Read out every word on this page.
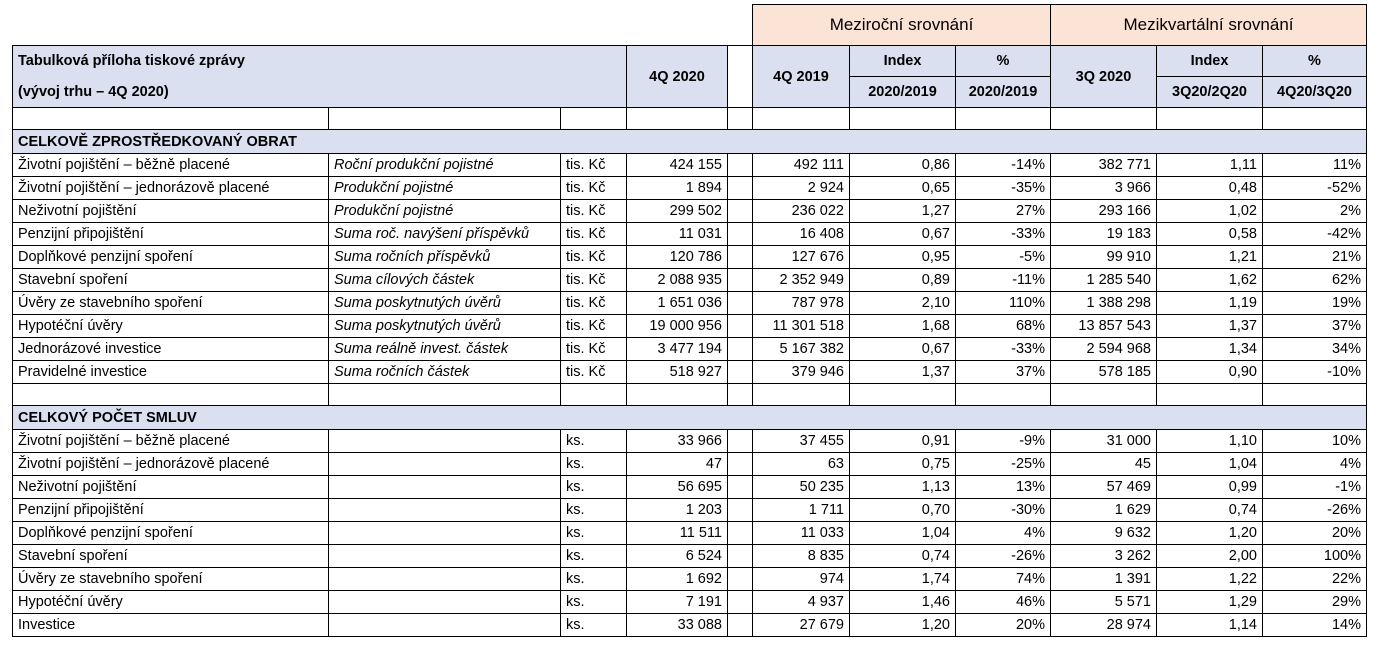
					Meziroční srovnání			Mezikvartální srovnání		
Tabulková příloha tiskové zprávy			4Q 2020		4Q 2019	Index	%	3Q 2020	Index	%
(vývoj trhu – 4Q 2020)						2020/2019	2020/2019		3Q20/2Q20	4Q20/3Q20

CELKOVĚ ZPROSTŘEDKOVANÝ OBRAT										
Životní pojištění – běžně placené	Roční produkční pojistné	tis. Kč	424 155		492 111	0,86	-14%	382 771	1,11	11%
Životní pojištění – jednorázově placené	Produkční pojistné	tis. Kč	1 894		2 924	0,65	-35%	3 966	0,48	-52%
Neživotní pojištění	Produkční pojistné	tis. Kč	299 502		236 022	1,27	27%	293 166	1,02	2%
Penzijní připojištění	Suma roč. navýšení příspěvků	tis. Kč	11 031		16 408	0,67	-33%	19 183	0,58	-42%
Doplňkové penzijní spoření	Suma ročních příspěvků	tis. Kč	120 786		127 676	0,95	-5%	99 910	1,21	21%
Stavební spoření	Suma cílových částek	tis. Kč	2 088 935		2 352 949	0,89	-11%	1 285 540	1,62	62%
Úvěry ze stavebního spoření	Suma poskytnutých úvěrů	tis. Kč	1 651 036		787 978	2,10	110%	1 388 298	1,19	19%
Hypotéční úvěry	Suma poskytnutých úvěrů	tis. Kč	19 000 956		11 301 518	1,68	68%	13 857 543	1,37	37%
Jednorázové investice	Suma reálně invest. částek	tis. Kč	3 477 194		5 167 382	0,67	-33%	2 594 968	1,34	34%
Pravidelné investice	Suma ročních částek	tis. Kč	518 927		379 946	1,37	37%	578 185	0,90	-10%

CELKOVÝ POČET SMLUV										
Životní pojištění – běžně placené		ks.	33 966		37 455	0,91	-9%	31 000	1,10	10%
Životní pojištění – jednorázově placené		ks.	47		63	0,75	-25%	45	1,04	4%
Neživotní pojištění		ks.	56 695		50 235	1,13	13%	57 469	0,99	-1%
Penzijní připojištění		ks.	1 203		1 711	0,70	-30%	1 629	0,74	-26%
Doplňkové penzijní spoření		ks.	11 511		11 033	1,04	4%	9 632	1,20	20%
Stavební spoření		ks.	6 524		8 835	0,74	-26%	3 262	2,00	100%
Úvěry ze stavebního spoření		ks.	1 692		974	1,74	74%	1 391	1,22	22%
Hypotéční úvěry		ks.	7 191		4 937	1,46	46%	5 571	1,29	29%
Investice		ks.	33 088		27 679	1,20	20%	28 974	1,14	14%
